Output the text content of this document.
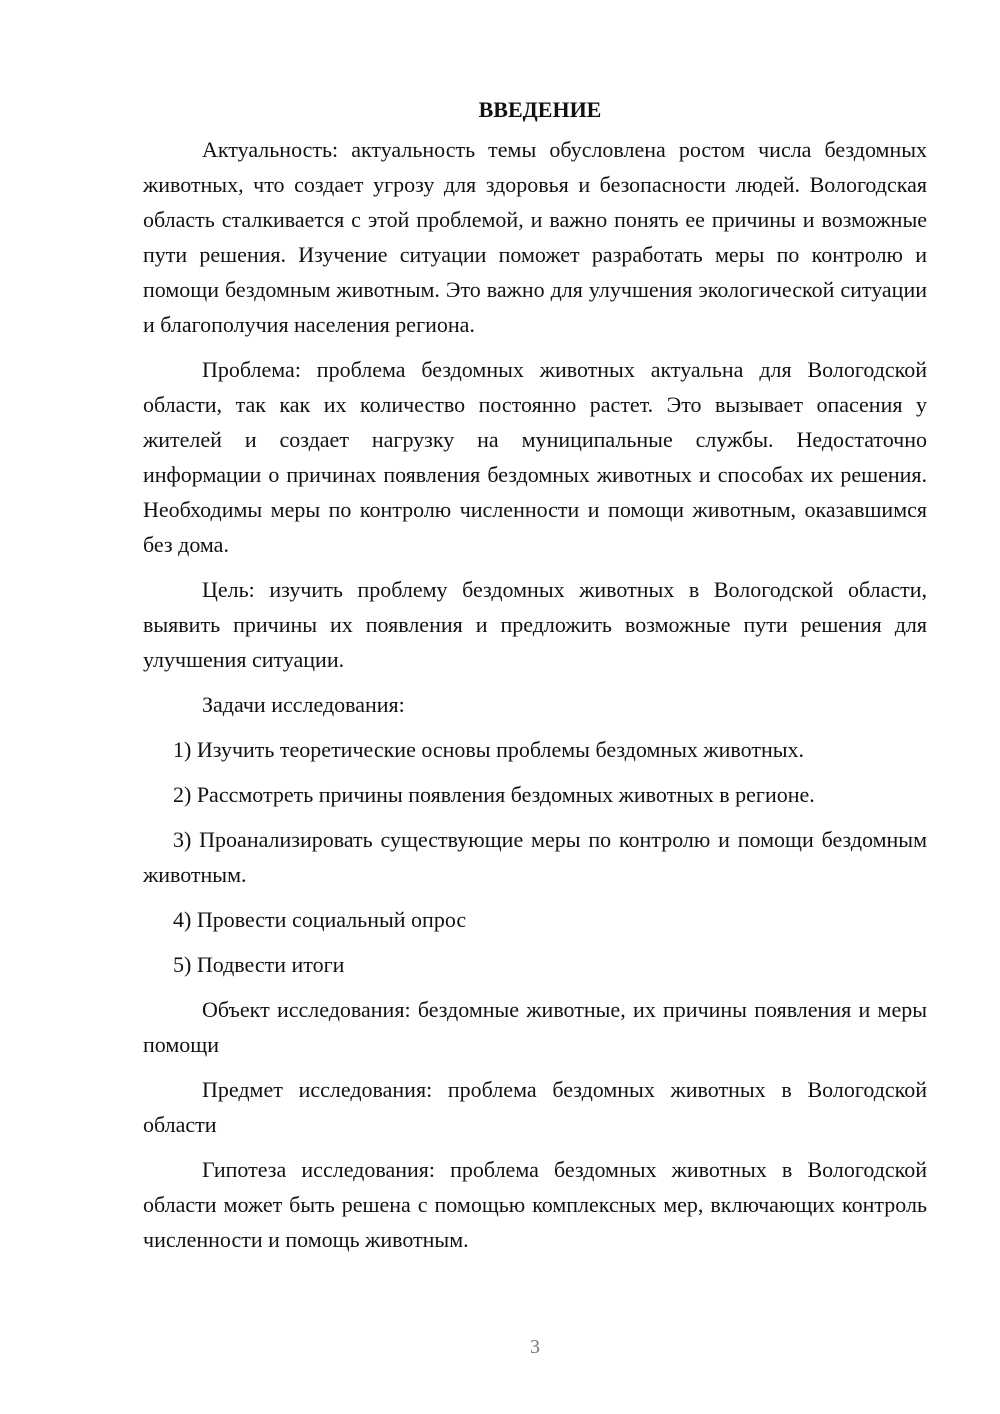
ВВЕДЕНИЕ

Актуальность: актуальность темы обусловлена ростом числа бездомных животных, что создает угрозу для здоровья и безопасности людей. Вологодская область сталкивается с этой проблемой, и важно понять ее причины и возможные пути решения. Изучение ситуации поможет разработать меры по контролю и помощи бездомным животным. Это важно для улучшения экологической ситуации и благополучия населения региона.

Проблема: проблема бездомных животных актуальна для Вологодской области, так как их количество постоянно растет. Это вызывает опасения у жителей и создает нагрузку на муниципальные службы. Недостаточно информации о причинах появления бездомных животных и способах их решения. Необходимы меры по контролю численности и помощи животным, оказавшимся без дома.

Цель: изучить проблему бездомных животных в Вологодской области, выявить причины их появления и предложить возможные пути решения для улучшения ситуации.

Задачи исследования:

1) Изучить теоретические основы проблемы бездомных животных.

2) Рассмотреть причины появления бездомных животных в регионе.

3) Проанализировать существующие меры по контролю и помощи бездомным животным.

4) Провести социальный опрос

5) Подвести итоги

Объект исследования: бездомные животные, их причины появления и меры помощи

Предмет исследования: проблема бездомных животных в Вологодской области

Гипотеза исследования: проблема бездомных животных в Вологодской области может быть решена с помощью комплексных мер, включающих контроль численности и помощь животным.

3
